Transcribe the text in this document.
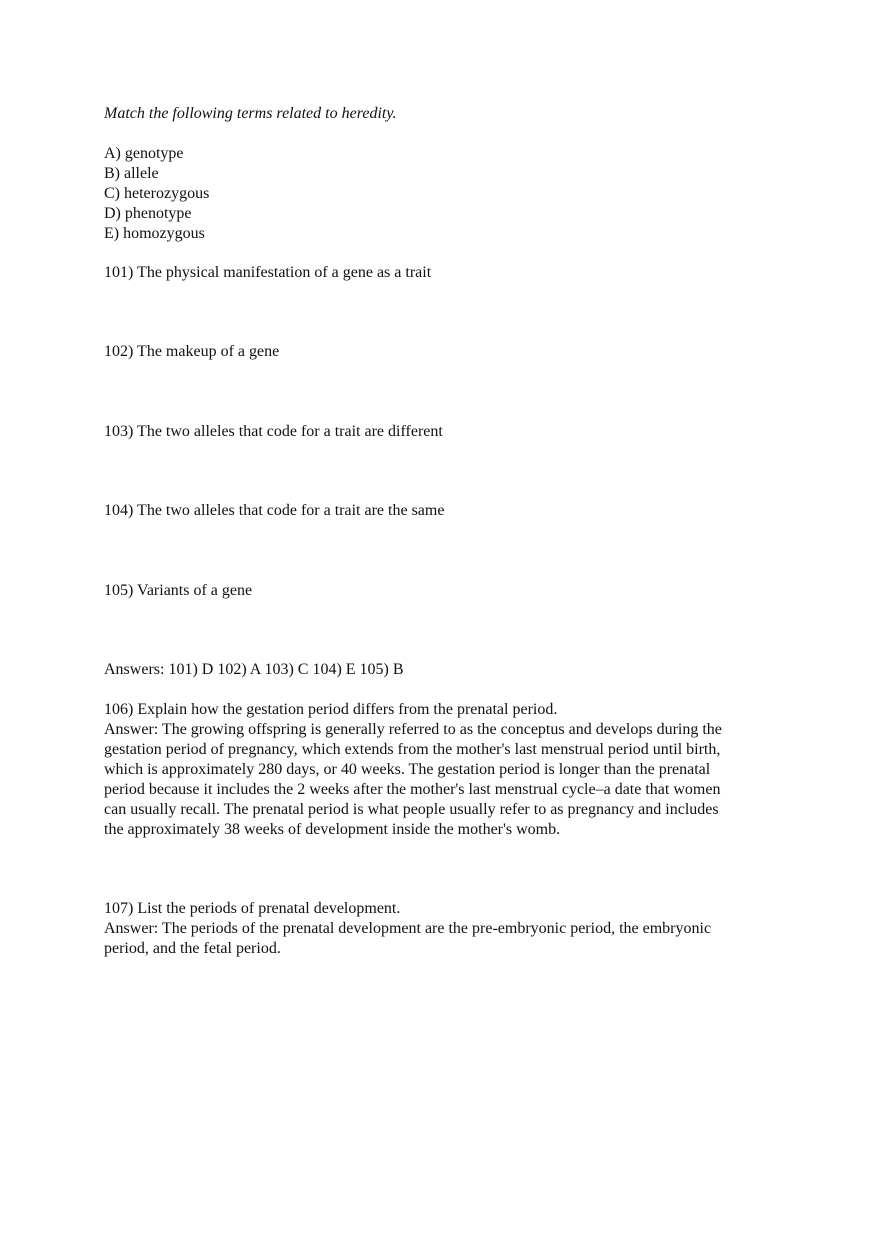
Match the following terms related to heredity.
A) genotype
B) allele
C) heterozygous
D) phenotype
E) homozygous
101) The physical manifestation of a gene as a trait
102) The makeup of a gene
103) The two alleles that code for a trait are different
104) The two alleles that code for a trait are the same
105) Variants of a gene
Answers: 101) D 102) A 103) C 104) E 105) B

106) Explain how the gestation period differs from the prenatal period.

Answer: The growing offspring is generally referred to as the conceptus and develops during the

gestation period of pregnancy, which extends from the mother's last menstrual period until birth,

which is approximately 280 days, or 40 weeks. The gestation period is longer than the prenatal

period because it includes the 2 weeks after the mother's last menstrual cycle–a date that women

can usually recall. The prenatal period is what people usually refer to as pregnancy and includes

the approximately 38 weeks of development inside the mother's womb.

107) List the periods of prenatal development.

Answer: The periods of the prenatal development are the pre-embryonic period, the embryonic

period, and the fetal period.
